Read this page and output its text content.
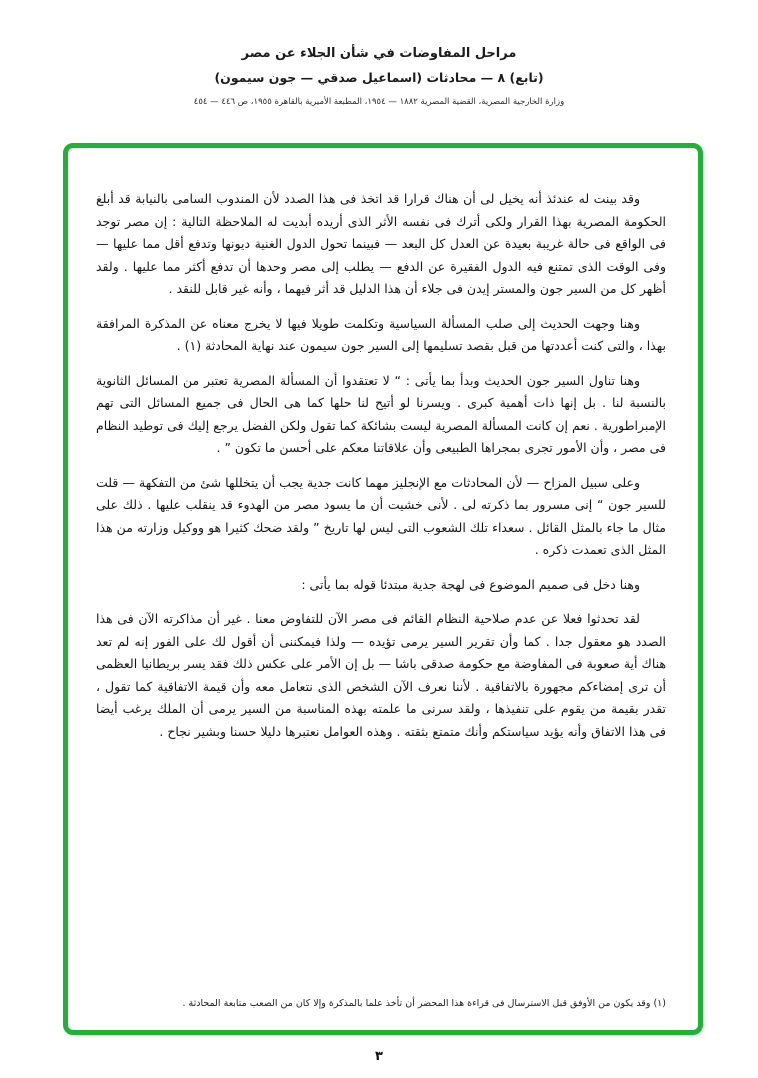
مراحل المفاوضات في شأن الجلاء عن مصر
(تابع) ٨ — محادثات (اسماعيل صدقي — جون سيمون)
وزارة الخارجية المصرية، القضية المصرية ١٨٨٢ — ١٩٥٤، المطبعة الأميرية بالقاهرة ١٩٥٥، ص ٤٤٦ — ٤٥٤

وقد بينت له عندئذ أنه يخيل لى أن هناك قرارا قد اتخذ فى هذا الصدد لأن المندوب السامى بالنيابة قد أبلغ الحكومة المصرية بهذا القرار ولكى أترك فى نفسه الأثر الذى أريده أبديت له الملاحظة التالية : إن مصر توجد فى الواقع فى حالة غريبة بعيدة عن العدل كل البعد — فبينما تحول الدول الغنية ديونها وتدفع أقل مما عليها — وفى الوقت الذى تمتنع فيه الدول الفقيرة عن الدفع — يطلب إلى مصر وحدها أن تدفع أكثر مما عليها . ولقد أظهر كل من السير جون والمستر إيدن فى جلاء أن هذا الدليل قد أثر فيهما ، وأنه غير قابل للنقد .

وهنا وجهت الحديث إلى صلب المسألة السياسية وتكلمت طويلا فيها لا يخرج معناه عن المذكرة المرافقة بهذا ، والتى كنت أعددتها من قبل بقصد تسليمها إلى السير جون سيمون عند نهاية المحادثة (١) .

وهنا تناول السير جون الحديث وبدأ بما يأتى : “ لا تعتقدوا أن المسألة المصرية تعتبر من المسائل الثانوية بالنسبة لنا . بل إنها ذات أهمية كبرى . ويسرنا لو أتيح لنا حلها كما هى الحال فى جميع المسائل التى تهم الإمبراطورية . نعم إن كانت المسألة المصرية ليست بشائكة كما تقول ولكن الفضل يرجع إليك فى توطيد النظام فى مصر ، وأن الأمور تجرى بمجراها الطبيعى وأن علاقاتنا معكم على أحسن ما تكون ” .

وعلى سبيل المزاح — لأن المحادثات مع الإنجليز مهما كانت جدية يجب أن يتخللها شئ من التفكهة — قلت للسير جون “ إنى مسرور بما ذكرته لى . لأنى خشيت أن ما يسود مصر من الهدوء قد ينقلب عليها . ذلك على مثال ما جاء بالمثل القائل . سعداء تلك الشعوب التى ليس لها تاريخ ” ولقد ضحك كثيرا هو ووكيل وزارته من هذا المثل الذى تعمدت ذكره .

وهنا دخل فى صميم الموضوع فى لهجة جدية مبتدئا قوله بما يأتى :

لقد تحدثوا فعلا عن عدم صلاحية النظام القائم فى مصر الآن للتفاوض معنا . غير أن مذاكرته الآن فى هذا الصدد هو معقول جدا . كما وأن تقرير السير يرمى تؤيده — ولذا فيمكننى أن أقول لك على الفور إنه لم تعد هناك أية صعوبة فى المفاوضة مع حكومة صدقى باشا — بل إن الأمر على عكس ذلك فقد يسر بريطانيا العظمى أن ترى إمضاءكم مجهورة بالاتفاقية . لأننا نعرف الآن الشخص الذى نتعامل معه وأن قيمة الاتفاقية كما تقول ، تقدر بقيمة من يقوم على تنفيذها ، ولقد سرنى ما علمته بهذه المناسبة من السير يرمى أن الملك يرغب أيضا فى هذا الاتفاق وأنه يؤيد سياستكم وأنك متمتع بثقته . وهذه العوامل نعتبرها دليلا حسنا وبشير نجاح .

(١) وقد يكون من الأوفق قبل الاسترسال فى قراءة هذا المحضر أن تأخذ علما بالمذكرة وإلا كان من الصعب متابعة المحادثة .
٣
